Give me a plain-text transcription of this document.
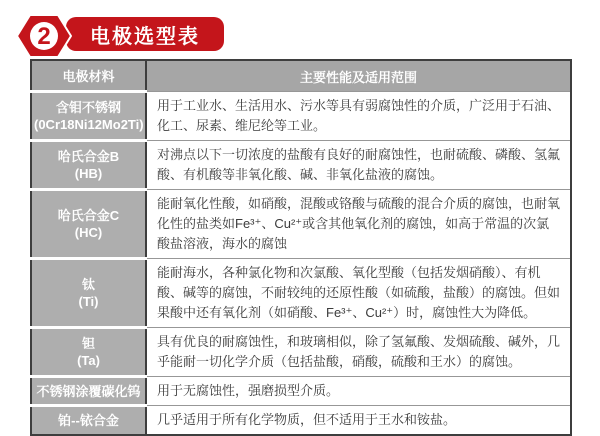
电极选型表
2
电极材料	主要性能及适用范围

含钼不锈钢
(0Cr18Ni12Mo2Ti)	用于工业水、生活用水、污水等具有弱腐蚀性的介质，广泛用于石油、化工、尿素、维尼纶等工业。

哈氏合金B
(HB)	对沸点以下一切浓度的盐酸有良好的耐腐蚀性，也耐硫酸、磷酸、氢氟酸、有机酸等非氧化酸、碱、非氧化盐液的腐蚀。

哈氏合金C
(HC)	能耐氧化性酸，如硝酸，混酸或铬酸与硫酸的混合介质的腐蚀，也耐氧化性的盐类如Fe³⁺、Cu²⁺或含其他氧化剂的腐蚀，如高于常温的次氯酸盐溶液，海水的腐蚀

钛
(Ti)	能耐海水，各种氯化物和次氯酸、氧化型酸（包括发烟硝酸）、有机酸、碱等的腐蚀，不耐较纯的还原性酸（如硫酸，盐酸）的腐蚀。但如果酸中还有氧化剂（如硝酸、Fe³⁺、Cu²⁺）时，腐蚀性大为降低。

钽
(Ta)	具有优良的耐腐蚀性，和玻璃相似，除了氢氟酸、发烟硫酸、碱外，几乎能耐一切化学介质（包括盐酸，硝酸，硫酸和王水）的腐蚀。

不锈钢涂覆碳化钨	用于无腐蚀性，强磨损型介质。

铂--铱合金	几乎适用于所有化学物质，但不适用于王水和铵盐。
